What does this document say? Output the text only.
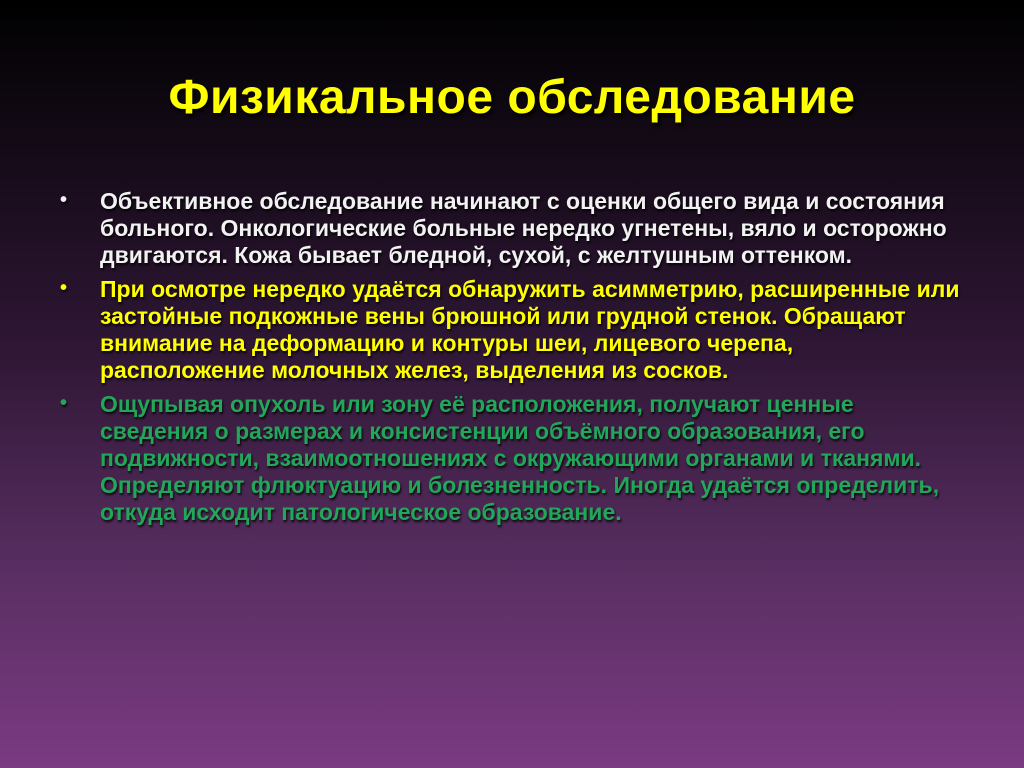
Физикальное обследование
• Объективное обследование начинают с оценки общего вида и состояния больного. Онкологические больные нередко угнетены, вяло и осторожно двигаются. Кожа бывает бледной, сухой, с желтушным оттенком.
• При осмотре нередко удаётся обнаружить асимметрию, расширенные или застойные подкожные вены брюшной или грудной стенок. Обращают внимание на деформацию и контуры шеи, лицевого черепа, расположение молочных желез, выделения из сосков.
• Ощупывая опухоль или зону её расположения, получают ценные сведения о размерах и консистенции объёмного образования, его подвижности, взаимоотношениях с окружающими органами и тканями. Определяют флюктуацию и болезненность. Иногда удаётся определить, откуда исходит патологическое образование.
